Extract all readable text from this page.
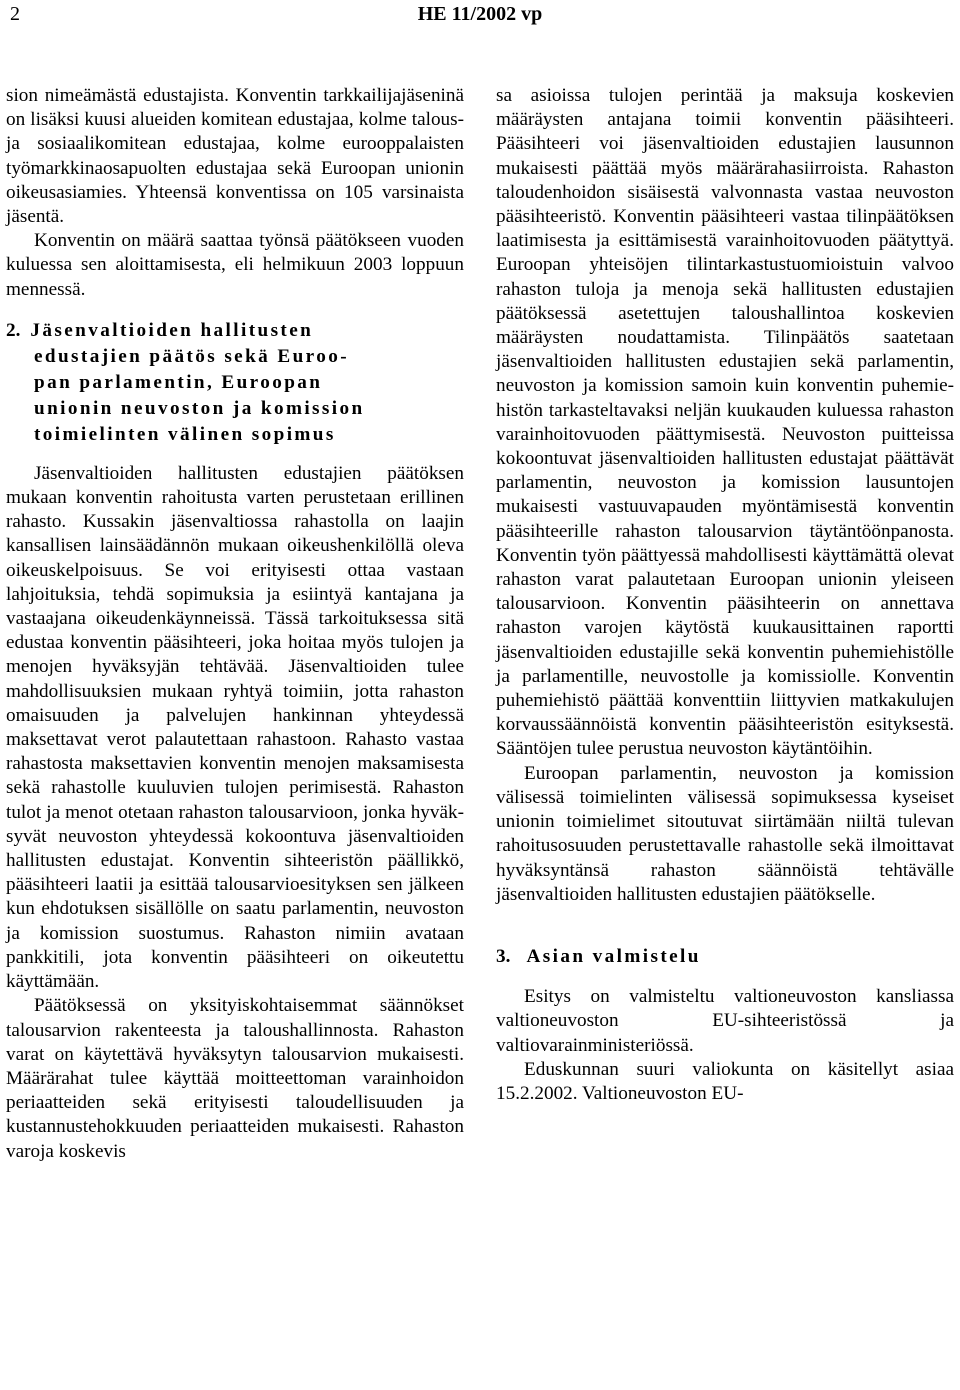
2	HE 11/2002 vp

sion nimeämästä edustajista. Konventin tarkkailijajäseninä on lisäksi kuusi alueiden komitean edustajaa, kolme talous- ja sosiaalikomitean edustajaa, kolme eurooppalaisten työmarkkinaosapuolten edustajaa sekä Euroopan unionin oikeusasiamies. Yhteensä konventissa on 105 varsinaista jäsentä.

Konventin on määrä saattaa työnsä päätökseen vuoden kuluessa sen aloittamisesta, eli helmikuun 2003 loppuun mennessä.

2. Jäsenvaltioiden hallitusten
edustajien päätös sekä Euroo-
pan parlamentin, Euroopan
unionin neuvoston ja komission
toimielinten välinen sopimus

Jäsenvaltioiden hallitusten edustajien päätöksen mukaan konventin rahoitusta varten perustetaan erillinen rahasto. Kussakin jäsenvaltiossa rahastolla on laajin kansallisen lainsäädännön mukaan oikeushenkilöllä oleva oikeuskelpoisuus. Se voi erityisesti ottaa vastaan lahjoituksia, tehdä sopimuksia ja esiintyä kantajana ja vastaajana oikeudenkäynneissä. Tässä tarkoituksessa sitä edustaa konventin pääsihteeri, joka hoitaa myös tulojen ja menojen hyväksyjän tehtävää. Jäsenvaltioiden tulee mahdollisuuksien mukaan ryhtyä toimiin, jotta rahaston omaisuuden ja palvelujen hankinnan yhteydessä maksettavat verot palautettaan rahastoon. Rahasto vastaa rahastosta maksettavien konventin menojen maksamisesta sekä rahastolle kuuluvien tulojen perimisestä. Rahaston tulot ja menot otetaan rahaston talousarvioon, jonka hyväksyvät neuvoston yhteydessä kokoontuva jäsenvaltioiden hallitusten edustajat. Konventin sihteeristön päällikkö, pääsihteeri laatii ja esittää talousarvioesityksen sen jälkeen kun ehdotuksen sisällölle on saatu parlamentin, neuvoston ja komission suostumus. Rahaston nimiin avataan pankkitili, jota konventin pääsihteeri on oikeutettu käyttämään.

Päätöksessä on yksityiskohtaisemmat säännökset talousarvion rakenteesta ja taloushallinnosta. Rahaston varat on käytettävä hyväksytyn talousarvion mukaisesti. Määrärahat tulee käyttää moitteettoman varainhoidon periaatteiden sekä erityisesti taloudellisuuden ja kustannustehokkuuden periaatteiden mukaisesti. Rahaston varoja koskevis

sa asioissa tulojen perintää ja maksuja koskevien määräysten antajana toimii konventin pääsihteeri. Pääsihteeri voi jäsenvaltioiden edustajien lausunnon mukaisesti päättää myös määrärahasiirroista. Rahaston taloudenhoidon sisäisestä valvonnasta vastaa neuvoston pääsihteeristö. Konventin pääsihteeri vastaa tilinpäätöksen laatimisesta ja esittämisestä varainhoitovuoden päätyttyä. Euroopan yhteisöjen tilintarkastustuomioistuin valvoo rahaston tuloja ja menoja sekä hallitusten edustajien päätöksessä asetettujen taloushallintoa koskevien määräysten noudattamista. Tilinpäätös saatetaan jäsenvaltioiden hallitusten edustajien sekä parlamentin, neuvoston ja komission samoin kuin konventin puhemiehistön tarkasteltavaksi neljän kuukauden kuluessa rahaston varainhoitovuoden päättymisestä. Neuvoston puitteissa kokoontuvat jäsenvaltioiden hallitusten edustajat päättävät parlamentin, neuvoston ja komission lausuntojen mukaisesti vastuuvapauden myöntämisestä konventin pääsihteerille rahaston talousarvion täytäntöönpanosta. Konventin työn päättyessä mahdollisesti käyttämättä olevat rahaston varat palautetaan Euroopan unionin yleiseen talousarvioon. Konventin pääsihteerin on annettava rahaston varojen käytöstä kuukausittainen raportti jäsenvaltioiden edustajille sekä konventin puhemiehistölle ja parlamentille, neuvostolle ja komissiolle. Konventin puhemiehistö päättää konventtiin liittyvien matkakulujen korvaussäännöistä konventin pääsihteeristön esityksestä. Sääntöjen tulee perustua neuvoston käytäntöihin.

Euroopan parlamentin, neuvoston ja komission välisessä toimielinten välisessä sopimuksessa kyseiset unionin toimielimet sitoutuvat siirtämään niiltä tulevan rahoitusosuuden perustettavalle rahastolle sekä ilmoittavat hyväksyntänsä rahaston säännöistä tehtävälle jäsenvaltioiden hallitusten edustajien päätökselle.

3. Asian valmistelu

Esitys on valmisteltu valtioneuvoston kansliassa valtioneuvoston EU-sihteeristössä ja valtiovarainministeriössä.

Eduskunnan suuri valiokunta on käsitellyt asiaa 15.2.2002. Valtioneuvoston EU-
